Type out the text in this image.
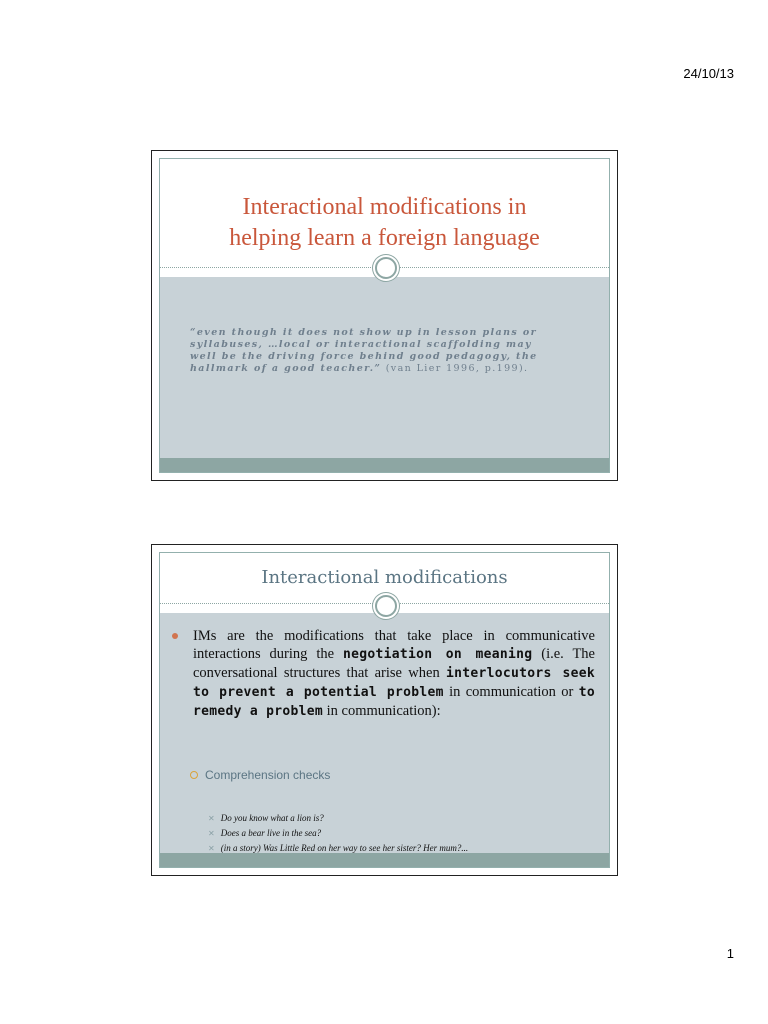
24/10/13
Interactional modifications in
helping learn a foreign language
“even though it does not show up in lesson plans or syllabuses, …local or interactional scaffolding may well be the driving force behind good pedagogy, the hallmark of a good teacher.” (van Lier 1996, p.199).
Interactional modifications
IMs are the modifications that take place in communicative interactions during the negotiation on meaning (i.e. The conversational structures that arise when interlocutors seek to prevent a potential problem in communication or to remedy a problem in communication):
Comprehension checks
✕ Do you know what a lion is?
✕ Does a bear live in the sea?
✕ (in a story) Was Little Red on her way to see her sister? Her mum?...
1
